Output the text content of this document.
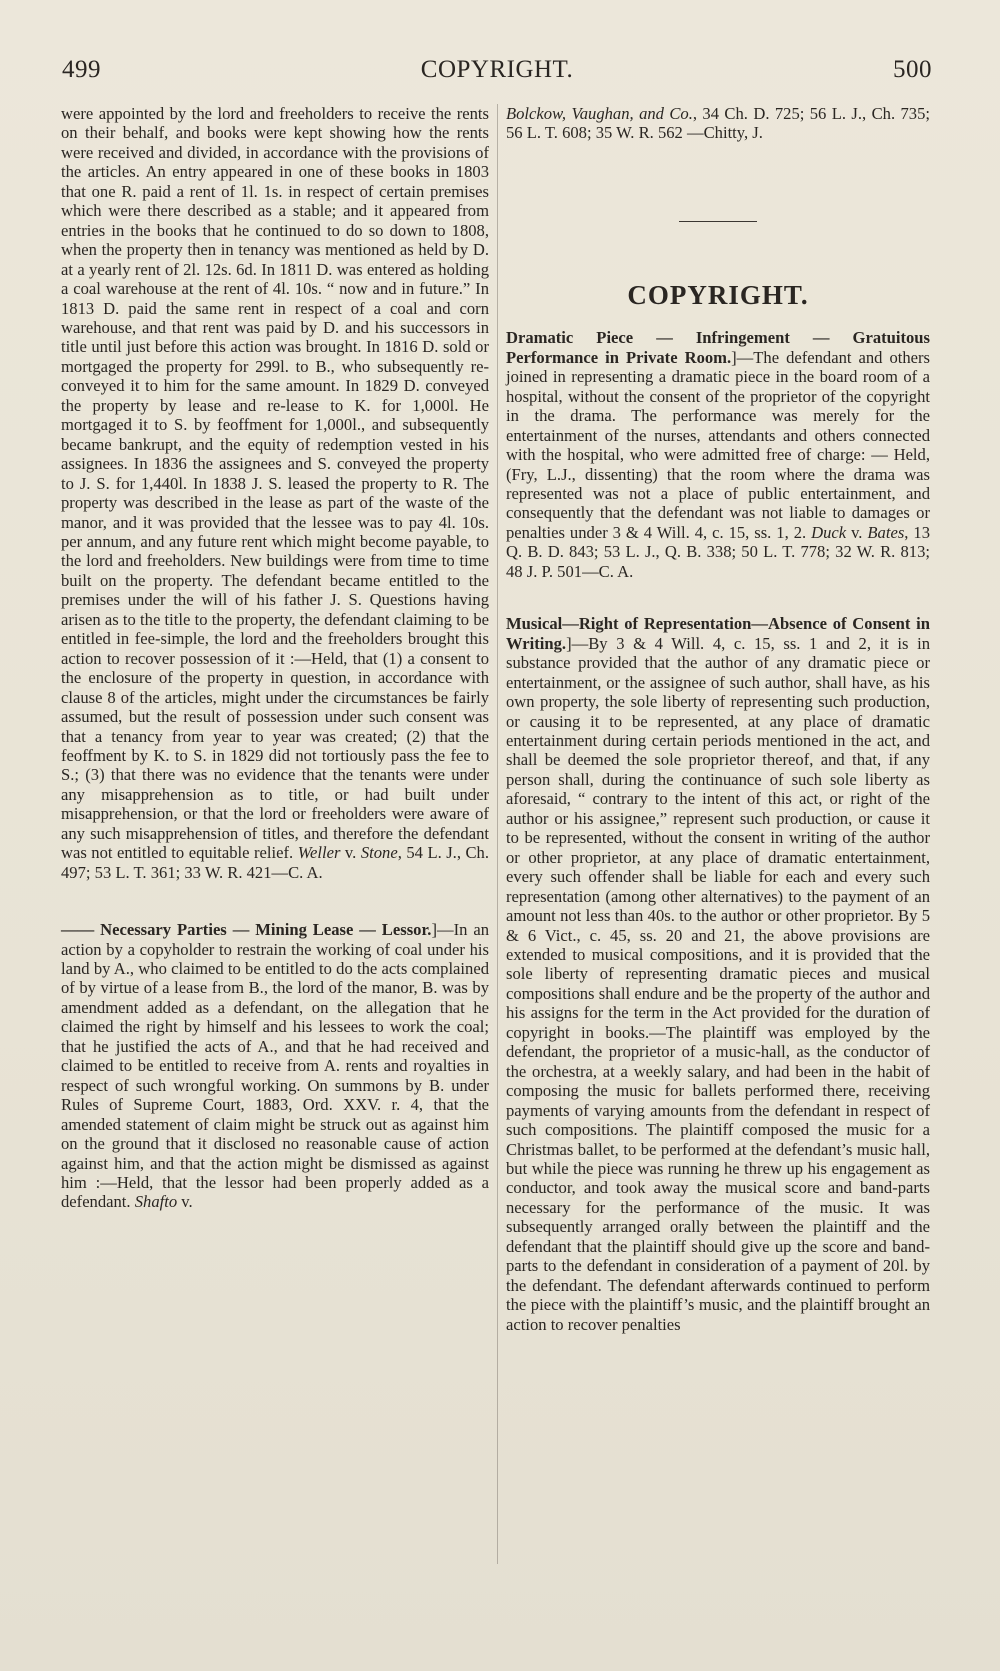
499	COPYRIGHT.	500

were appointed by the lord and freeholders to receive the rents on their behalf, and books were kept showing how the rents were received and divided, in accordance with the provisions of the articles. An entry appeared in one of these books in 1803 that one R. paid a rent of 1l. 1s. in respect of certain premises which were there described as a stable; and it appeared from entries in the books that he continued to do so down to 1808, when the property then in tenancy was mentioned as held by D. at a yearly rent of 2l. 12s. 6d. In 1811 D. was entered as holding a coal warehouse at the rent of 4l. 10s. “ now and in future.” In 1813 D. paid the same rent in respect of a coal and corn warehouse, and that rent was paid by D. and his successors in title until just before this action was brought. In 1816 D. sold or mortgaged the property for 299l. to B., who subsequently re-conveyed it to him for the same amount. In 1829 D. conveyed the property by lease and re-lease to K. for 1,000l. He mortgaged it to S. by feoffment for 1,000l., and subsequently became bankrupt, and the equity of redemption vested in his assignees. In 1836 the assignees and S. conveyed the property to J. S. for 1,440l. In 1838 J. S. leased the property to R. The property was described in the lease as part of the waste of the manor, and it was provided that the lessee was to pay 4l. 10s. per annum, and any future rent which might become payable, to the lord and freeholders. New buildings were from time to time built on the property. The defendant became entitled to the premises under the will of his father J. S. Questions having arisen as to the title to the property, the defendant claiming to be entitled in fee-simple, the lord and the freeholders brought this action to recover possession of it :—Held, that (1) a consent to the enclosure of the property in question, in accordance with clause 8 of the articles, might under the circumstances be fairly assumed, but the result of possession under such consent was that a tenancy from year to year was created; (2) that the feoffment by K. to S. in 1829 did not tortiously pass the fee to S.; (3) that there was no evidence that the tenants were under any misapprehension as to title, or had built under misapprehension, or that the lord or freeholders were aware of any such misapprehension of titles, and therefore the defendant was not entitled to equitable relief. Weller v. Stone, 54 L. J., Ch. 497; 53 L. T. 361; 33 W. R. 421—C. A.

—— Necessary Parties — Mining Lease — Lessor.]—In an action by a copyholder to restrain the working of coal under his land by A., who claimed to be entitled to do the acts complained of by virtue of a lease from B., the lord of the manor, B. was by amendment added as a defendant, on the allegation that he claimed the right by himself and his lessees to work the coal; that he justified the acts of A., and that he had received and claimed to be entitled to receive from A. rents and royalties in respect of such wrongful working. On summons by B. under Rules of Supreme Court, 1883, Ord. XXV. r. 4, that the amended statement of claim might be struck out as against him on the ground that it disclosed no reasonable cause of action against him, and that the action might be dismissed as against him :—Held, that the lessor had been properly added as a defendant. Shafto v.

Bolckow, Vaughan, and Co., 34 Ch. D. 725; 56 L. J., Ch. 735; 56 L. T. 608; 35 W. R. 562 —Chitty, J.

COPYRIGHT.

Dramatic Piece — Infringement — Gratuitous Performance in Private Room.]—The defendant and others joined in representing a dramatic piece in the board room of a hospital, without the consent of the proprietor of the copyright in the drama. The performance was merely for the entertainment of the nurses, attendants and others connected with the hospital, who were admitted free of charge: — Held, (Fry, L.J., dissenting) that the room where the drama was represented was not a place of public entertainment, and consequently that the defendant was not liable to damages or penalties under 3 & 4 Will. 4, c. 15, ss. 1, 2. Duck v. Bates, 13 Q. B. D. 843; 53 L. J., Q. B. 338; 50 L. T. 778; 32 W. R. 813; 48 J. P. 501—C. A.

Musical—Right of Representation—Absence of Consent in Writing.]—By 3 & 4 Will. 4, c. 15, ss. 1 and 2, it is in substance provided that the author of any dramatic piece or entertainment, or the assignee of such author, shall have, as his own property, the sole liberty of representing such production, or causing it to be represented, at any place of dramatic entertainment during certain periods mentioned in the act, and shall be deemed the sole proprietor thereof, and that, if any person shall, during the continuance of such sole liberty as aforesaid, “ contrary to the intent of this act, or right of the author or his assignee,” represent such production, or cause it to be represented, without the consent in writing of the author or other proprietor, at any place of dramatic entertainment, every such offender shall be liable for each and every such representation (among other alternatives) to the payment of an amount not less than 40s. to the author or other proprietor. By 5 & 6 Vict., c. 45, ss. 20 and 21, the above provisions are extended to musical compositions, and it is provided that the sole liberty of representing dramatic pieces and musical compositions shall endure and be the property of the author and his assigns for the term in the Act provided for the duration of copyright in books.—The plaintiff was employed by the defendant, the proprietor of a music-hall, as the conductor of the orchestra, at a weekly salary, and had been in the habit of composing the music for ballets performed there, receiving payments of varying amounts from the defendant in respect of such compositions. The plaintiff composed the music for a Christmas ballet, to be performed at the defendant’s music hall, but while the piece was running he threw up his engagement as conductor, and took away the musical score and band-parts necessary for the performance of the music. It was subsequently arranged orally between the plaintiff and the defendant that the plaintiff should give up the score and band-parts to the defendant in consideration of a payment of 20l. by the defendant. The defendant afterwards continued to perform the piece with the plaintiff’s music, and the plaintiff brought an action to recover penalties
